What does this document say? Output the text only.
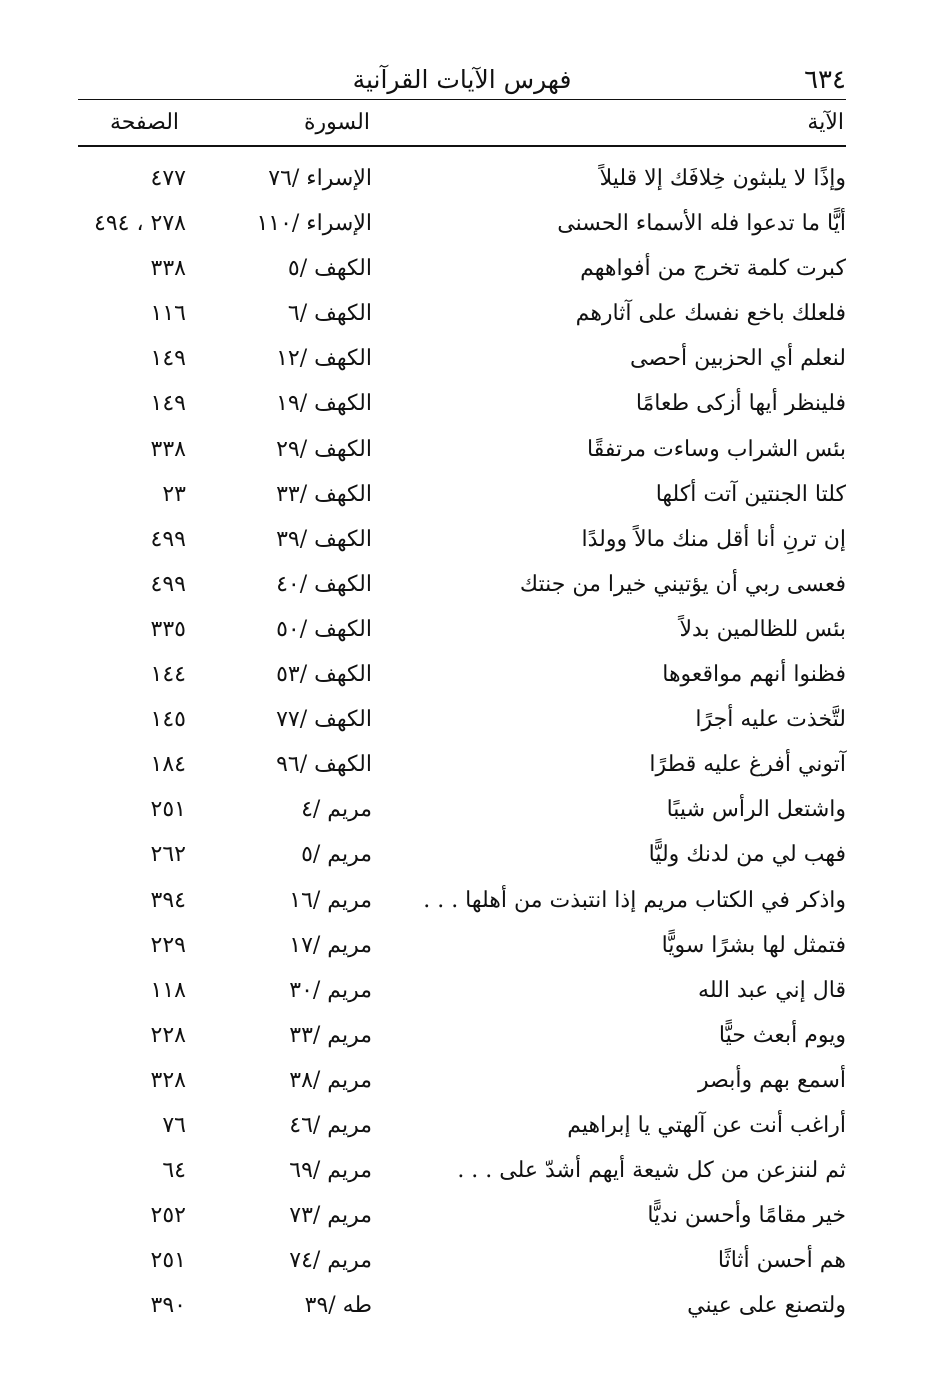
٦٣٤
فهرس الآيات القرآنية
الآية
السورة
الصفحة
وإذًا لا يلبثون خِلافَك إلا قليلاً
الإسراء /٧٦
٤٧٧
أيًّا ما تدعوا فله الأسماء الحسنى
الإسراء /١١٠
٢٧٨ ، ٤٩٤
كبرت كلمة تخرج من أفواههم
الكهف /٥
٣٣٨
فلعلك باخع نفسك على آثارهم
الكهف /٦
١١٦
لنعلم أي الحزبين أحصى
الكهف /١٢
١٤٩
فلينظر أيها أزكى طعامًا
الكهف /١٩
١٤٩
بئس الشراب وساءت مرتفقًا
الكهف /٢٩
٣٣٨
كلتا الجنتين آتت أكلها
الكهف /٣٣
٢٣
إن ترنِ أنا أقل منك مالاً وولدًا
الكهف /٣٩
٤٩٩
فعسى ربي أن يؤتيني خيرا من جنتك
الكهف /٤٠
٤٩٩
بئس للظالمين بدلاً
الكهف /٥٠
٣٣٥
فظنوا أنهم مواقعوها
الكهف /٥٣
١٤٤
لتَّخذت عليه أجرًا
الكهف /٧٧
١٤٥
آتوني أفرغ عليه قطرًا
الكهف /٩٦
١٨٤
واشتعل الرأس شيبًا
مريم /٤
٢٥١
فهب لي من لدنك وليًّا
مريم /٥
٢٦٢
واذكر في الكتاب مريم إذا انتبذت من أهلها . . .
مريم /١٦
٣٩٤
فتمثل لها بشرًا سويًّا
مريم /١٧
٢٢٩
قال إني عبد الله
مريم /٣٠
١١٨
ويوم أبعث حيًّا
مريم /٣٣
٢٢٨
أسمع بهم وأبصر
مريم /٣٨
٣٢٨
أراغب أنت عن آلهتي يا إبراهيم
مريم /٤٦
٧٦
ثم لننزعن من كل شيعة أيهم أشدّ على . . .
مريم /٦٩
٦٤
خير مقامًا وأحسن نديًّا
مريم /٧٣
٢٥٢
هم أحسن أثاثًا
مريم /٧٤
٢٥١
ولتصنع على عيني
طه /٣٩
٣٩٠
